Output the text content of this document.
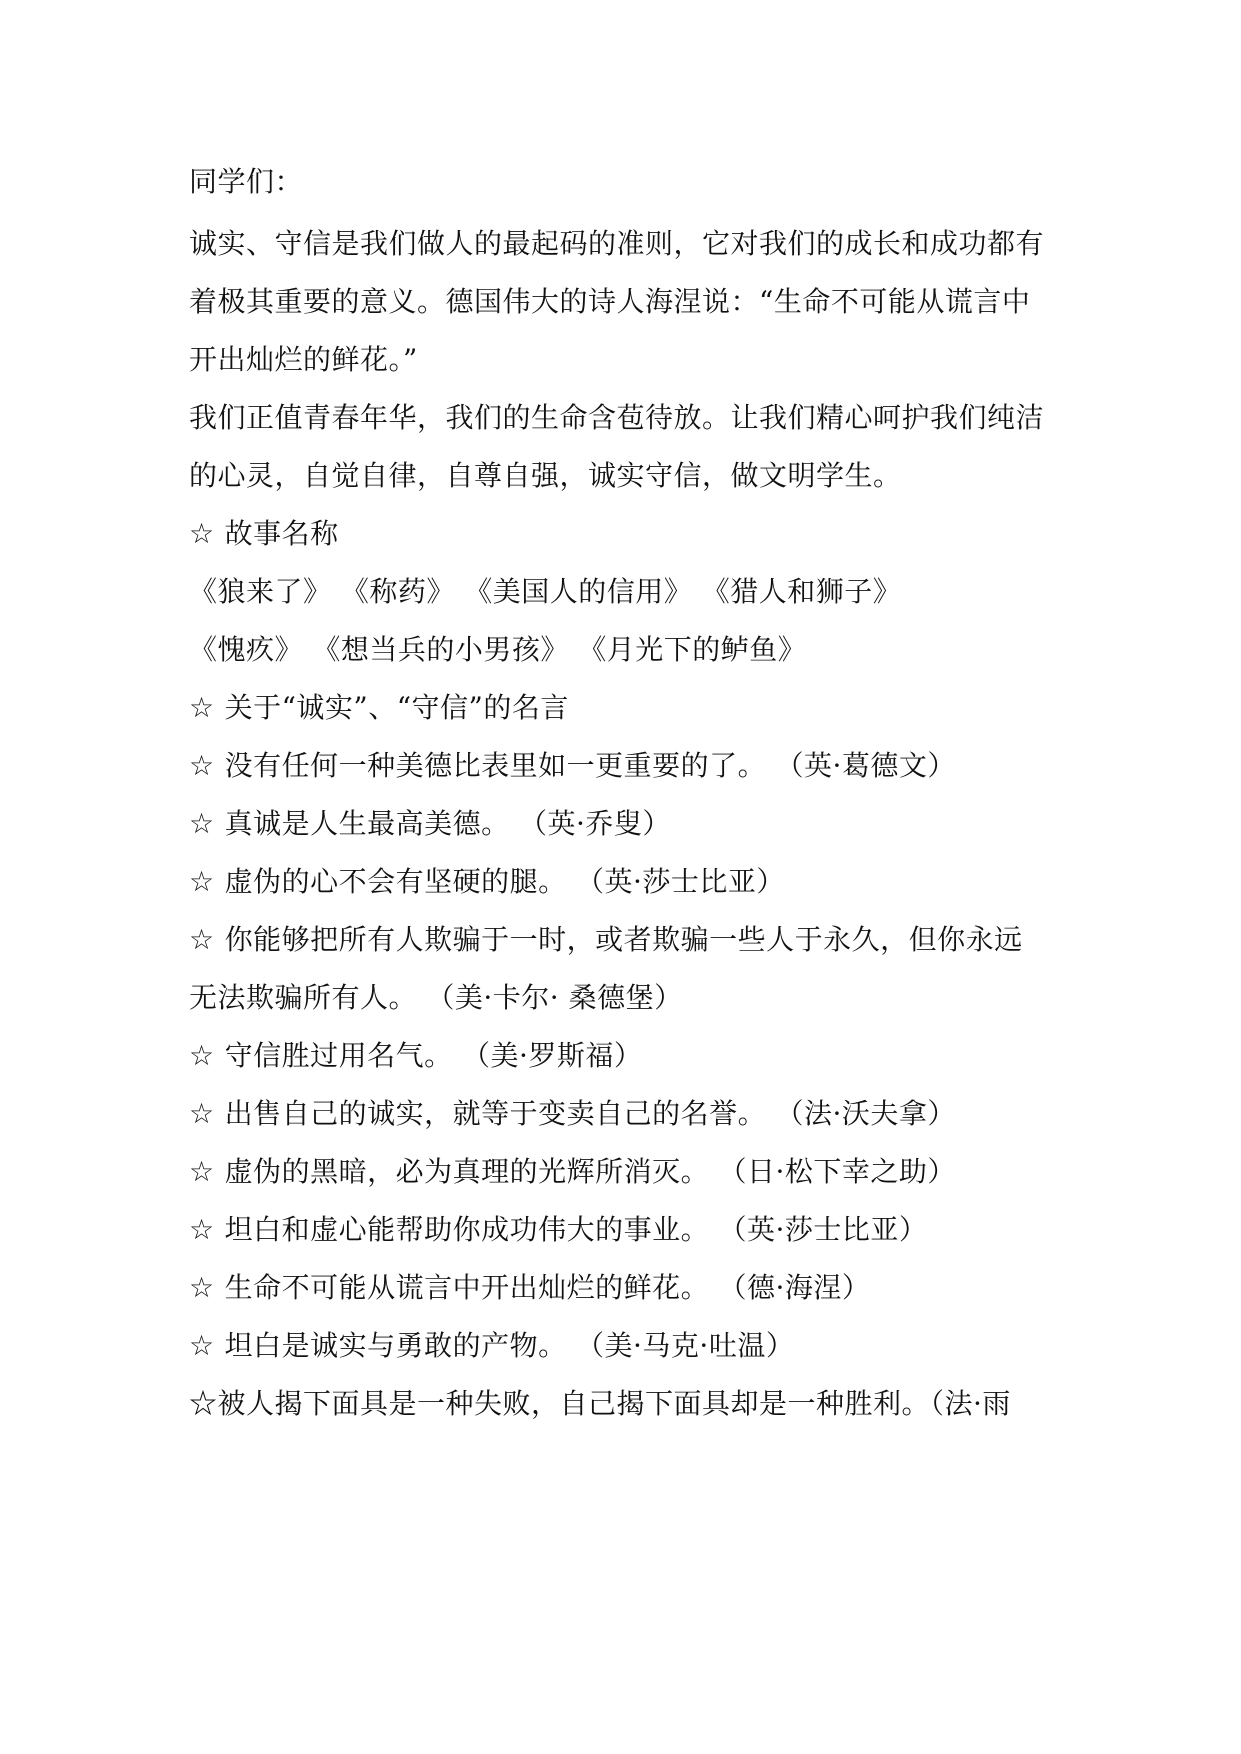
同学们：
诚实、守信是我们做人的最起码的准则，它对我们的成长和成功都有
着极其重要的意义。德国伟大的诗人海涅说：“生命不可能从谎言中
开出灿烂的鲜花。”
我们正值青春年华，我们的生命含苞待放。让我们精心呵护我们纯洁
的心灵，自觉自律，自尊自强，诚实守信，做文明学生。
☆ 故事名称
《狼来了》 《称药》 《美国人的信用》 《猎人和狮子》
《愧疚》 《想当兵的小男孩》 《月光下的鲈鱼》
☆ 关于“诚实”、“守信”的名言
☆ 没有任何一种美德比表里如一更重要的了。 （英·葛德文）
☆ 真诚是人生最高美德。 （英·乔叟）
☆ 虚伪的心不会有坚硬的腿。 （英·莎士比亚）
☆ 你能够把所有人欺骗于一时，或者欺骗一些人于永久，但你永远
无法欺骗所有人。 （美·卡尔· 桑德堡）
☆ 守信胜过用名气。 （美·罗斯福）
☆ 出售自己的诚实，就等于变卖自己的名誉。 （法·沃夫拿）
☆ 虚伪的黑暗，必为真理的光辉所消灭。 （日·松下幸之助）
☆ 坦白和虚心能帮助你成功伟大的事业。 （英·莎士比亚）
☆ 生命不可能从谎言中开出灿烂的鲜花。 （德·海涅）
☆ 坦白是诚实与勇敢的产物。 （美·马克·吐温）
☆被人揭下面具是一种失败，自己揭下面具却是一种胜利。（法·雨
